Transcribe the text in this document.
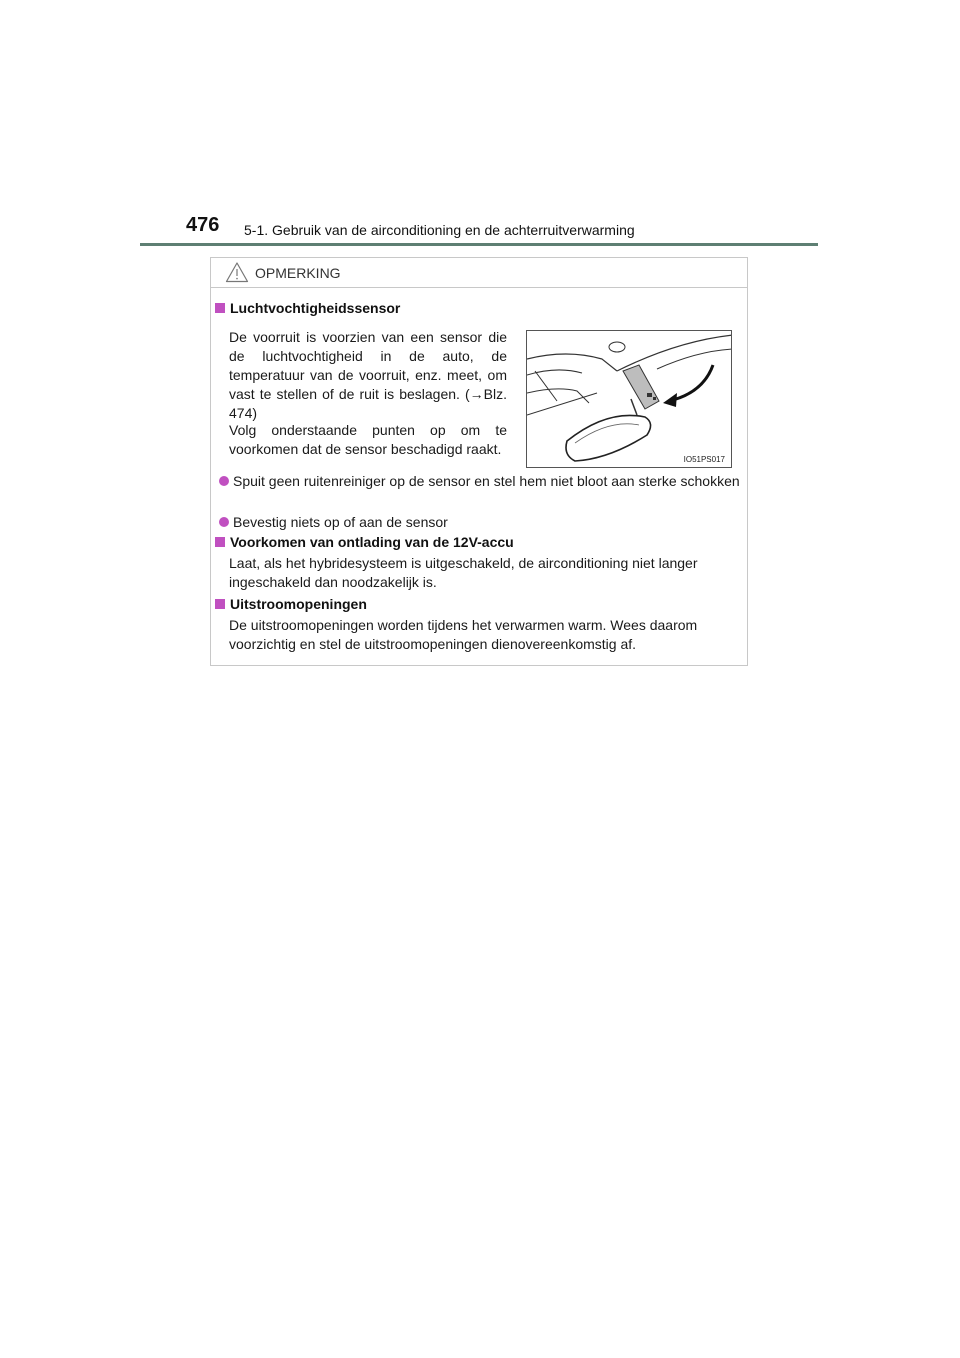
476 5-1. Gebruik van de airconditioning en de achterruitverwarming
OPMERKING
Luchtvochtigheidssensor
De voorruit is voorzien van een sensor die de luchtvochtigheid in de auto, de temperatuur van de voorruit, enz. meet, om vast te stellen of de ruit is beslagen. (→Blz. 474)
Volg onderstaande punten op om te voorkomen dat de sensor beschadigd raakt.
IO51PS017
Spuit geen ruitenreiniger op de sensor en stel hem niet bloot aan sterke schokken
Bevestig niets op of aan de sensor
Voorkomen van ontlading van de 12V-accu
Laat, als het hybridesysteem is uitgeschakeld, de airconditioning niet langer ingeschakeld dan noodzakelijk is.
Uitstroomopeningen
De uitstroomopeningen worden tijdens het verwarmen warm. Wees daarom voorzichtig en stel de uitstroomopeningen dienovereenkomstig af.
